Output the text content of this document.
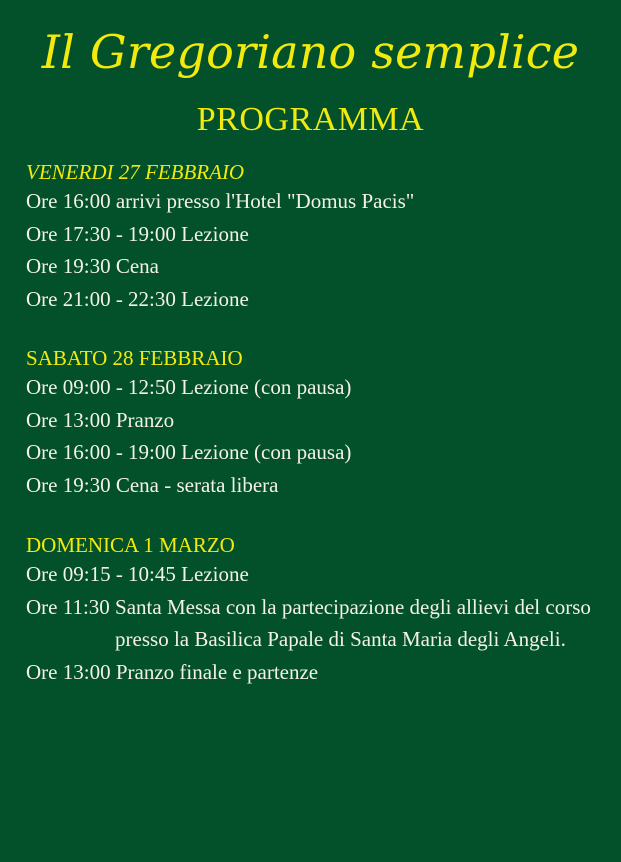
Il Gregoriano semplice
PROGRAMMA
VENERDI 27 FEBBRAIO
Ore 16:00 arrivi presso l'Hotel "Domus Pacis"
Ore 17:30 - 19:00 Lezione
Ore 19:30 Cena
Ore 21:00 - 22:30 Lezione
SABATO 28 FEBBRAIO
Ore 09:00 - 12:50 Lezione (con pausa)
Ore 13:00 Pranzo
Ore 16:00 - 19:00 Lezione (con pausa)
Ore 19:30 Cena - serata libera
DOMENICA 1 MARZO
Ore 09:15 - 10:45 Lezione
Ore 11:30 Santa Messa con la partecipazione degli allievi del corso presso la Basilica Papale di Santa Maria degli Angeli.
Ore 13:00 Pranzo finale e partenze
